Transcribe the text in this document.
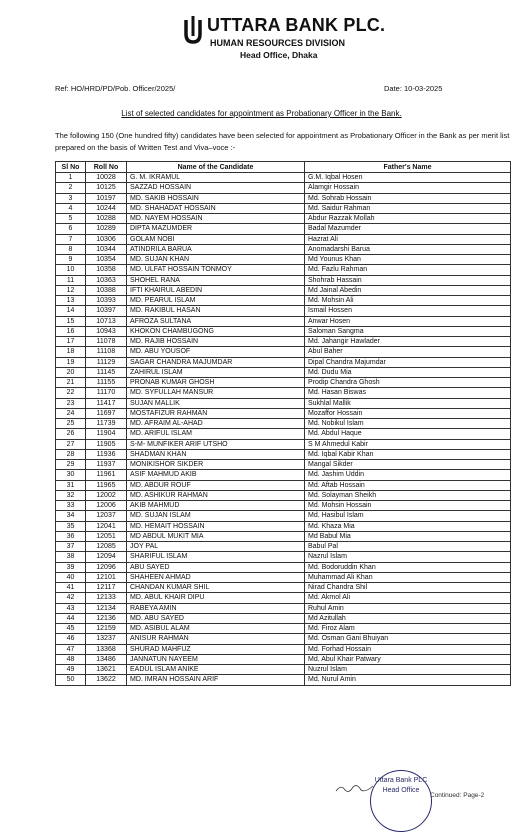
UTTARA BANK PLC.
HUMAN RESOURCES DIVISION
Head Office, Dhaka
Ref: HO/HRD/PD/Pob. Officer/2025/	Date: 10-03-2025
List of selected candidates for appointment as Probationary Officer in the Bank.
The following 150 (One hundred fifty) candidates have been selected for appointment as Probationary Officer in the Bank as per merit list prepared on the basis of Written Test and Viva–voce :-
Sl No	Roll No	Name of the Candidate	Father's Name
1	10028	G. M. IKRAMUL	G.M. Iqbal Hosen
2	10125	SAZZAD HOSSAIN	Alamgir Hossain
3	10197	MD. SAKIB HOSSAIN	Md. Sohrab Hossain
4	10244	MD. SHAHADAT HOSSAIN	Md. Saidur Rahman
5	10288	MD. NAYEM HOSSAIN	Abdur Razzak Mollah
6	10289	DIPTA MAZUMDER	Badal Mazumder
7	10306	GOLAM NOBI	Hazrat Ali
8	10344	ATINDRILA BARUA	Anomadarshi Barua
9	10354	MD. SUJAN KHAN	Md Younus Khan
10	10358	MD. ULFAT HOSSAIN TONMOY	Md. Fazlu Rahman
11	10363	SHOHEL RANA	Shohrab Hassain
12	10388	IFTI KHAIRUL ABEDIN	Md Jainal Abedin
13	10393	MD. PEARUL ISLAM	Md. Mohsin Ali
14	10397	MD. RAKIBUL HASAN	Ismail Hossen
15	10713	AFROZA SULTANA	Anwar Hosen
16	10943	KHOKON CHAMBUGONG	Saloman Sangma
17	11078	MD. RAJIB HOSSAIN	Md. Jahangir Hawlader
18	11108	MD. ABU YOUSOF	Abul Baher
19	11129	SAGAR CHANDRA MAJUMDAR	Dipal Chandra Majumdar
20	11145	ZAHIRUL ISLAM	Md. Dudu Mia
21	11155	PRONAB KUMAR GHOSH	Prodip Chandra Ghosh
22	11170	MD. SYFULLAH MANSUR	Md. Hasan Biswas
23	11417	SUJAN MALLIK	Sukhlal Mallik
24	11697	MOSTAFIZUR RAHMAN	Mozaffor Hossain
25	11739	MD. AFRAIM AL-AHAD	Md. Nobikul Islam
26	11904	MD. ARIFUL ISLAM	Md. Abdul Haque
27	11905	S-M- MUNFIKER ARIF UTSHO	S M Ahmedul Kabir
28	11936	SHADMAN KHAN	Md. Iqbal Kabir Khan
29	11937	MONIKISHOR SIKDER	Mangal Sikder
30	11961	ASIF MAHMUD AKIB	Md. Jashim Uddin
31	11965	MD. ABDUR ROUF	Md. Aftab Hossain
32	12002	MD. ASHIKUR RAHMAN	Md. Solayman Sheikh
33	12006	AKIB MAHMUD	Md. Mohsin Hossain
34	12037	MD. SUJAN ISLAM	Md. Hasibul Islam
35	12041	MD. HEMAIT HOSSAIN	Md. Khaza Mia
36	12051	MD ABDUL MUKIT MIA	Md Babul Mia
37	12085	JOY PAL	Babul Pal
38	12094	SHARIFUL ISLAM	Nazrul Islam
39	12096	ABU SAYED	Md. Bodoruddin Khan
40	12101	SHAHEEN AHMAD	Muhammad Ali Khan
41	12117	CHANDAN KUMAR SHIL	Nirad Chandra Shil
42	12133	MD. ABUL KHAIR DIPU	Md. Akmol Ali
43	12134	RABEYA AMIN	Ruhul Amin
44	12136	MD. ABU SAYED	Md Azitullah
45	12159	MD. ASIBUL ALAM	Md. Firoz Alam
46	13237	ANISUR RAHMAN	Md. Osman Gani Bhuiyan
47	13368	SHURAD MAHFUZ	Md. Forhad Hossain
48	13486	JANNATUN NAYEEM	Md. Abul Khair Patwary
49	13621	EADUL ISLAM ANIKE	Nuzrul Islam
50	13622	MD. IMRAN HOSSAIN ARIF	Md. Nurul Amin
Uttara Bank PLC
Head Office
Continued: Page-2
